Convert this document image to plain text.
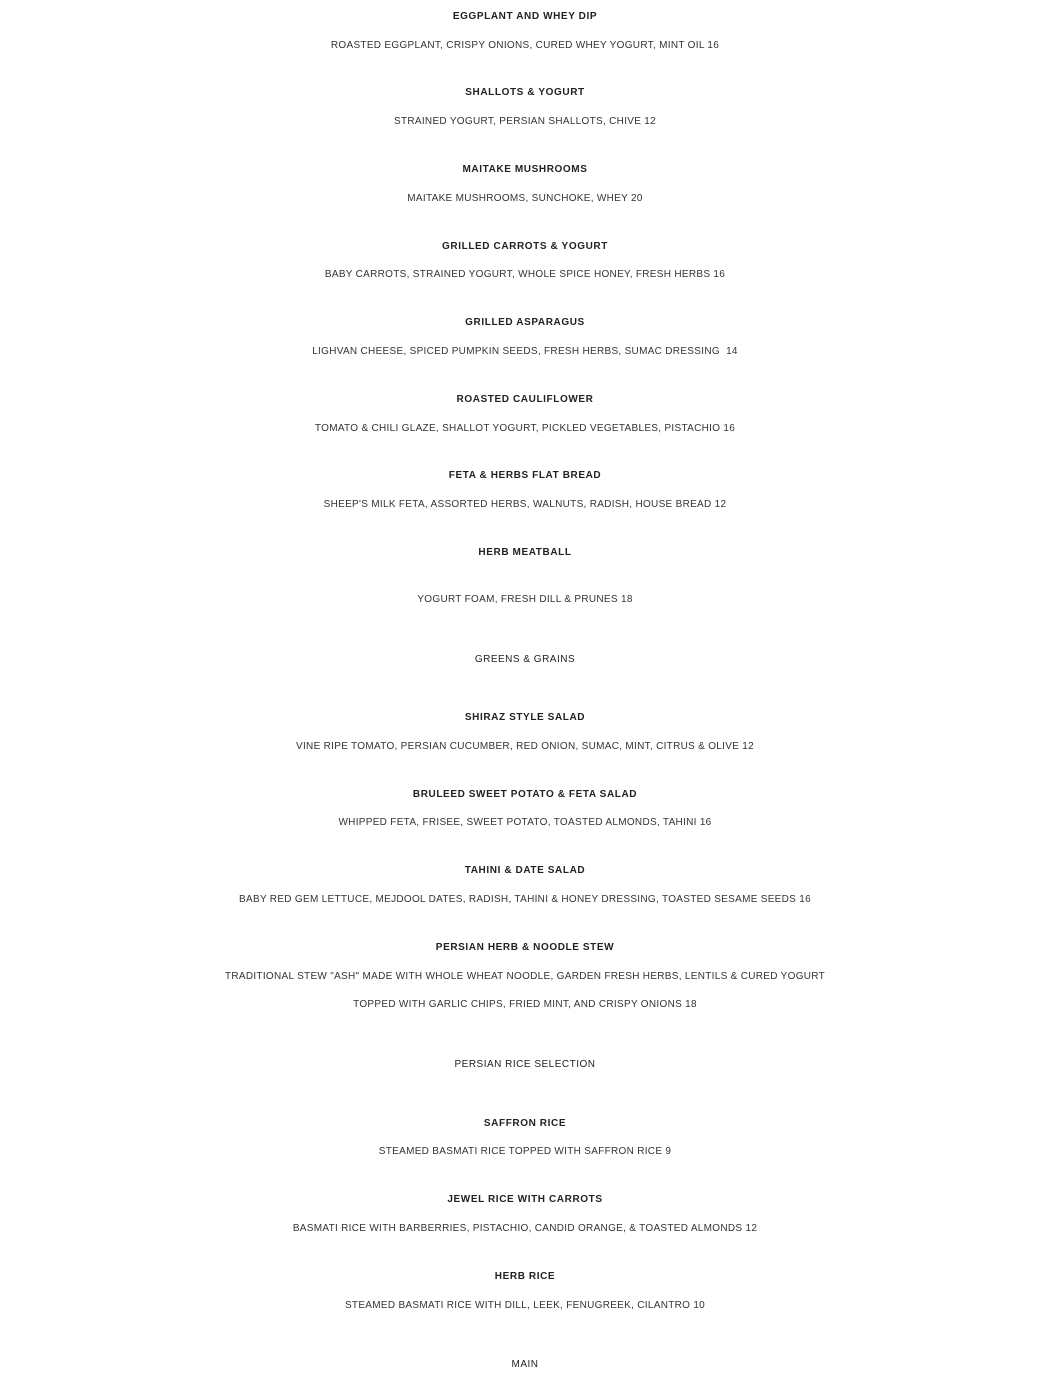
EGGPLANT AND WHEY DIP
ROASTED EGGPLANT, CRISPY ONIONS, CURED WHEY YOGURT, MINT OIL 16
SHALLOTS & YOGURT
STRAINED YOGURT, PERSIAN SHALLOTS, CHIVE 12
MAITAKE MUSHROOMS
MAITAKE MUSHROOMS, SUNCHOKE, WHEY 20
GRILLED CARROTS & YOGURT
BABY CARROTS, STRAINED YOGURT, WHOLE SPICE HONEY, FRESH HERBS 16
GRILLED ASPARAGUS
LIGHVAN CHEESE, SPICED PUMPKIN SEEDS, FRESH HERBS, SUMAC DRESSING  14
ROASTED CAULIFLOWER
TOMATO & CHILI GLAZE, SHALLOT YOGURT, PICKLED VEGETABLES, PISTACHIO 16
FETA & HERBS FLAT BREAD
SHEEP'S MILK FETA, ASSORTED HERBS, WALNUTS, RADISH, HOUSE BREAD 12
HERB MEATBALL
YOGURT FOAM, FRESH DILL & PRUNES 18
GREENS & GRAINS
SHIRAZ STYLE SALAD
VINE RIPE TOMATO, PERSIAN CUCUMBER, RED ONION, SUMAC, MINT, CITRUS & OLIVE 12
BRULEED SWEET POTATO & FETA SALAD
WHIPPED FETA, FRISEE, SWEET POTATO, TOASTED ALMONDS, TAHINI 16
TAHINI & DATE SALAD
BABY RED GEM LETTUCE, MEJDOOL DATES, RADISH, TAHINI & HONEY DRESSING, TOASTED SESAME SEEDS 16
PERSIAN HERB & NOODLE STEW
TRADITIONAL STEW "ASH" MADE WITH WHOLE WHEAT NOODLE, GARDEN FRESH HERBS, LENTILS & CURED YOGURT
TOPPED WITH GARLIC CHIPS, FRIED MINT, AND CRISPY ONIONS 18
PERSIAN RICE SELECTION
SAFFRON RICE
STEAMED BASMATI RICE TOPPED WITH SAFFRON RICE 9
JEWEL RICE WITH CARROTS
BASMATI RICE WITH BARBERRIES, PISTACHIO, CANDID ORANGE, & TOASTED ALMONDS 12
HERB RICE
STEAMED BASMATI RICE WITH DILL, LEEK, FENUGREEK, CILANTRO 10
MAIN
